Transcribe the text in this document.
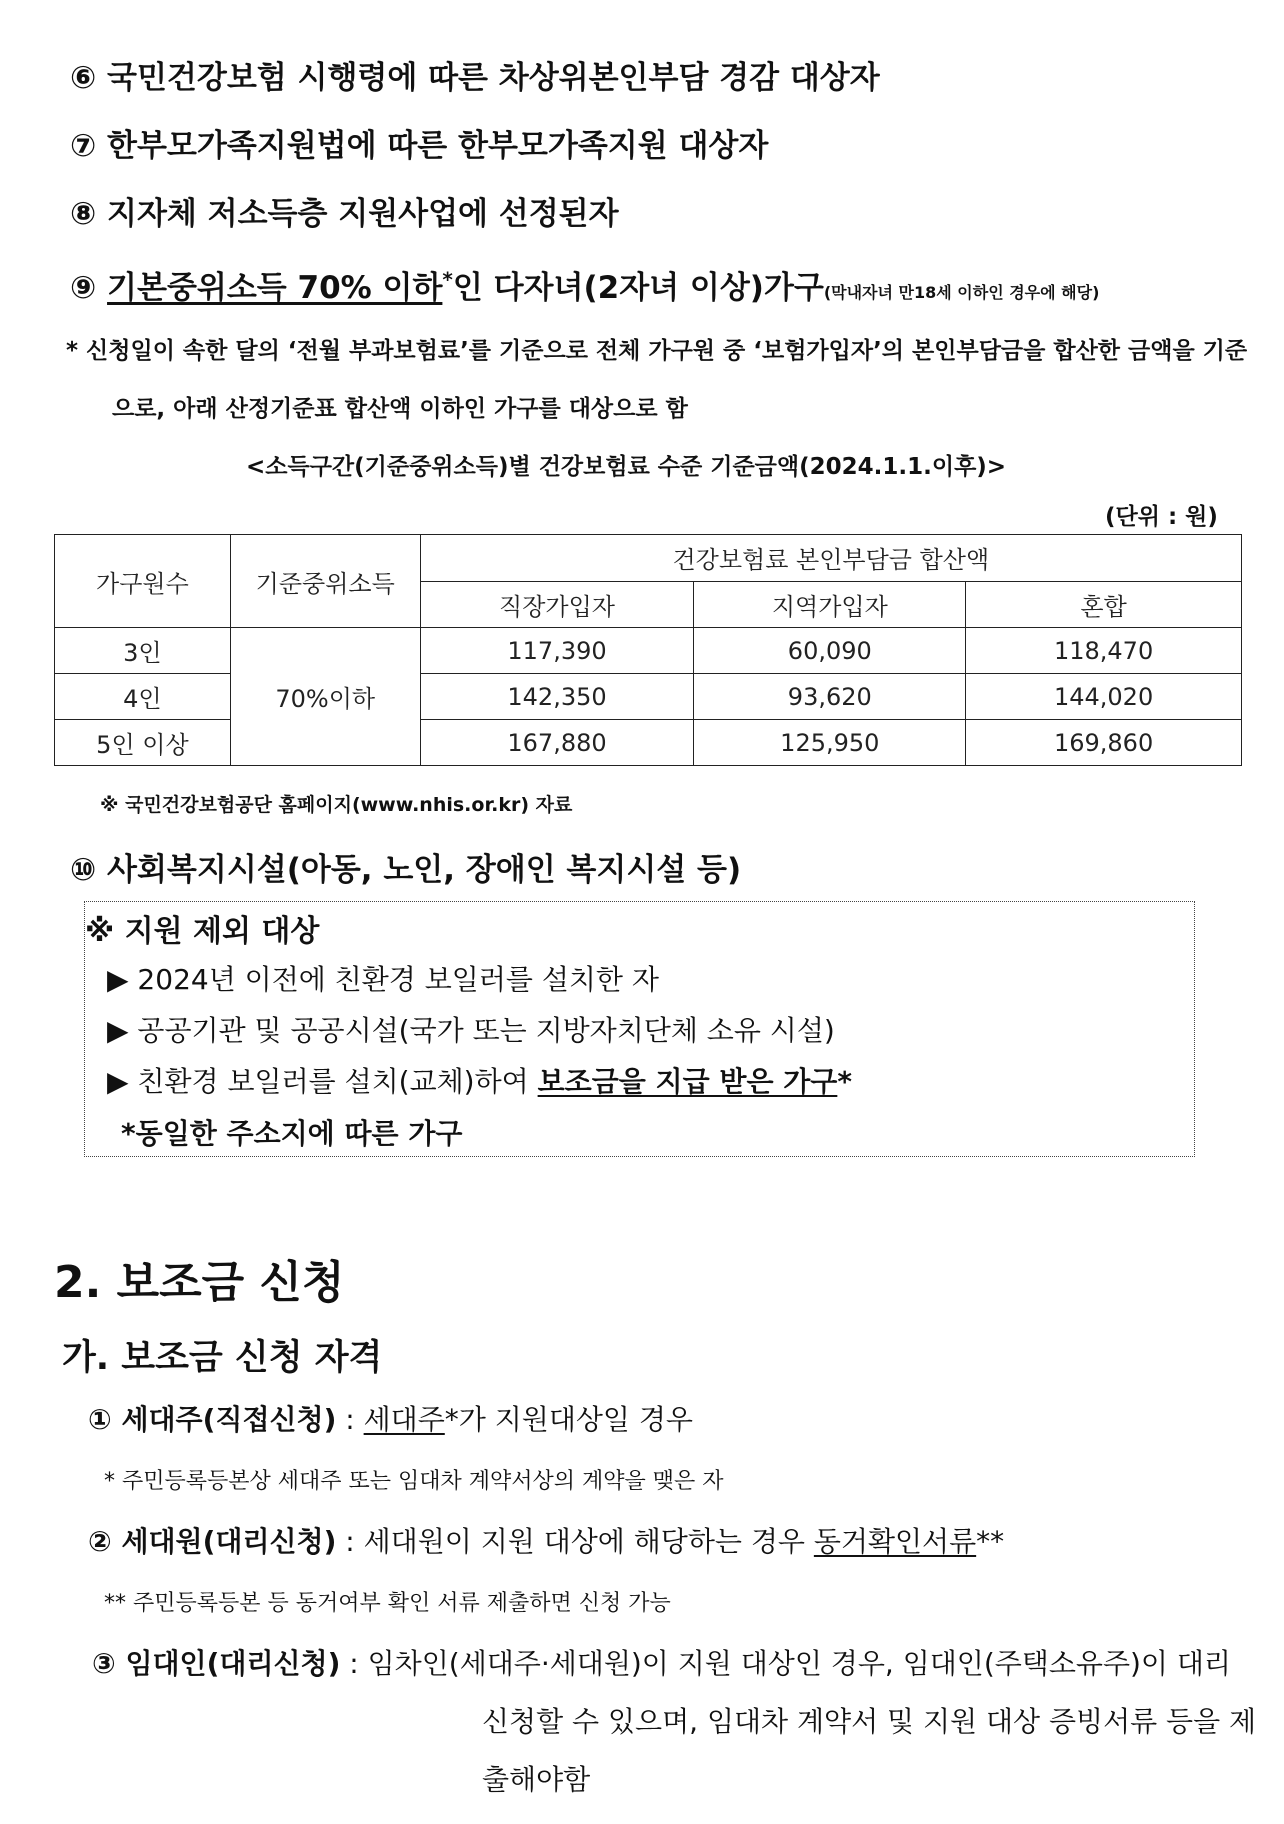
⑥ 국민건강보험 시행령에 따른 차상위본인부담 경감 대상자
⑦ 한부모가족지원법에 따른 한부모가족지원 대상자
⑧ 지자체 저소득층 지원사업에 선정된자
⑨ 기본중위소득 70% 이하*인 다자녀(2자녀 이상)가구(막내자녀 만18세 이하인 경우에 해당)
* 신청일이 속한 달의 ‘전월 부과보험료’를 기준으로 전체 가구원 중 ‘보험가입자’의 본인부담금을 합산한 금액을 기준
으로, 아래 산정기준표 합산액 이하인 가구를 대상으로 함
<소득구간(기준중위소득)별 건강보험료 수준 기준금액(2024.1.1.이후)>
(단위 : 원)
가구원수	기준중위소득	건강보험료 본인부담금 합산액		
		직장가입자	지역가입자	혼합
3인	70%이하	117,390	60,090	118,470
4인		142,350	93,620	144,020
5인 이상		167,880	125,950	169,860
※ 국민건강보험공단 홈페이지(www.nhis.or.kr) 자료
⑩ 사회복지시설(아동, 노인, 장애인 복지시설 등)
※ 지원 제외 대상
▶ 2024년 이전에 친환경 보일러를 설치한 자
▶ 공공기관 및 공공시설(국가 또는 지방자치단체 소유 시설)
▶ 친환경 보일러를 설치(교체)하여 보조금을 지급 받은 가구*
*동일한 주소지에 따른 가구
2. 보조금 신청
가. 보조금 신청 자격
① 세대주(직접신청) : 세대주*가 지원대상일 경우
* 주민등록등본상 세대주 또는 임대차 계약서상의 계약을 맺은 자
② 세대원(대리신청) : 세대원이 지원 대상에 해당하는 경우 동거확인서류**
** 주민등록등본 등 동거여부 확인 서류 제출하면 신청 가능
③ 임대인(대리신청) : 임차인(세대주·세대원)이 지원 대상인 경우, 임대인(주택소유주)이 대리
신청할 수 있으며, 임대차 계약서 및 지원 대상 증빙서류 등을 제
출해야함
